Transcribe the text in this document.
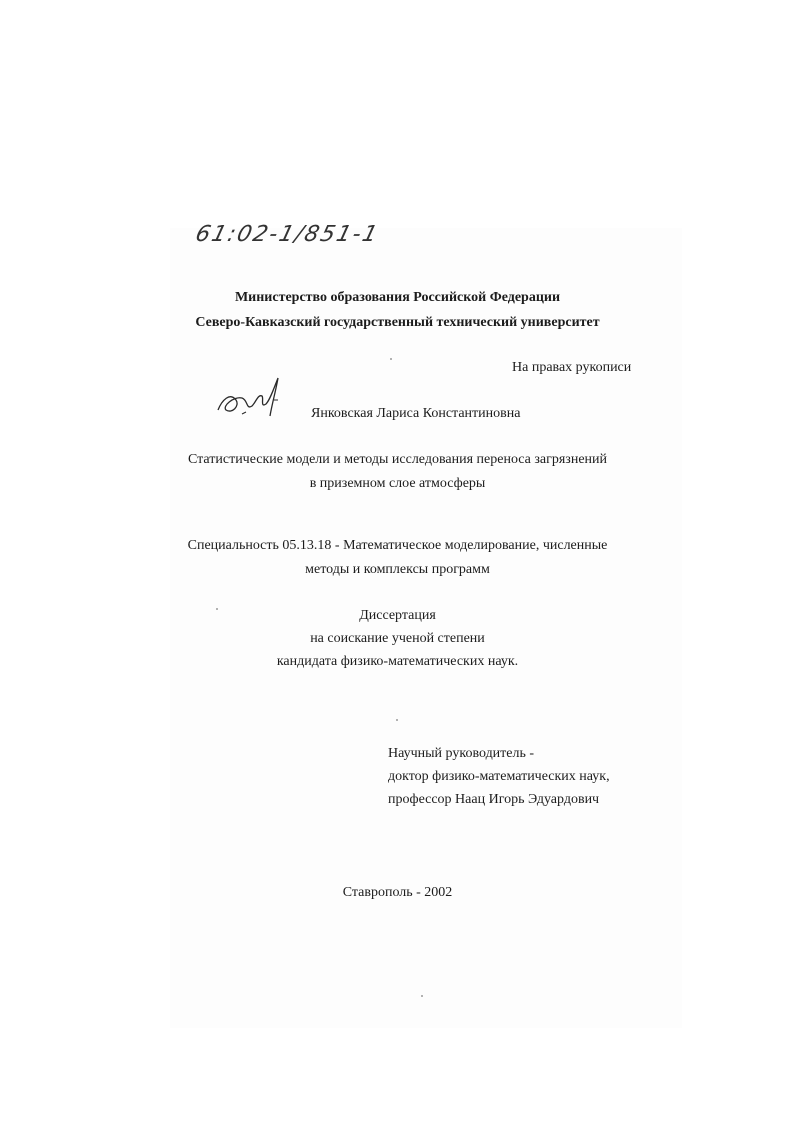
61:02-1/851-1
Министерство образования Российской Федерации
Северо-Кавказский государственный технический университет
На правах рукописи
Янковская Лариса Константиновна
Статистические модели и методы исследования переноса загрязнений
в приземном слое атмосферы
Специальность 05.13.18 - Математическое моделирование, численные
методы и комплексы программ
Диссертация
на соискание ученой степени
кандидата физико-математических наук.
Научный руководитель -
доктор физико-математических наук,
профессор Наац Игорь Эдуардович
Ставрополь - 2002
